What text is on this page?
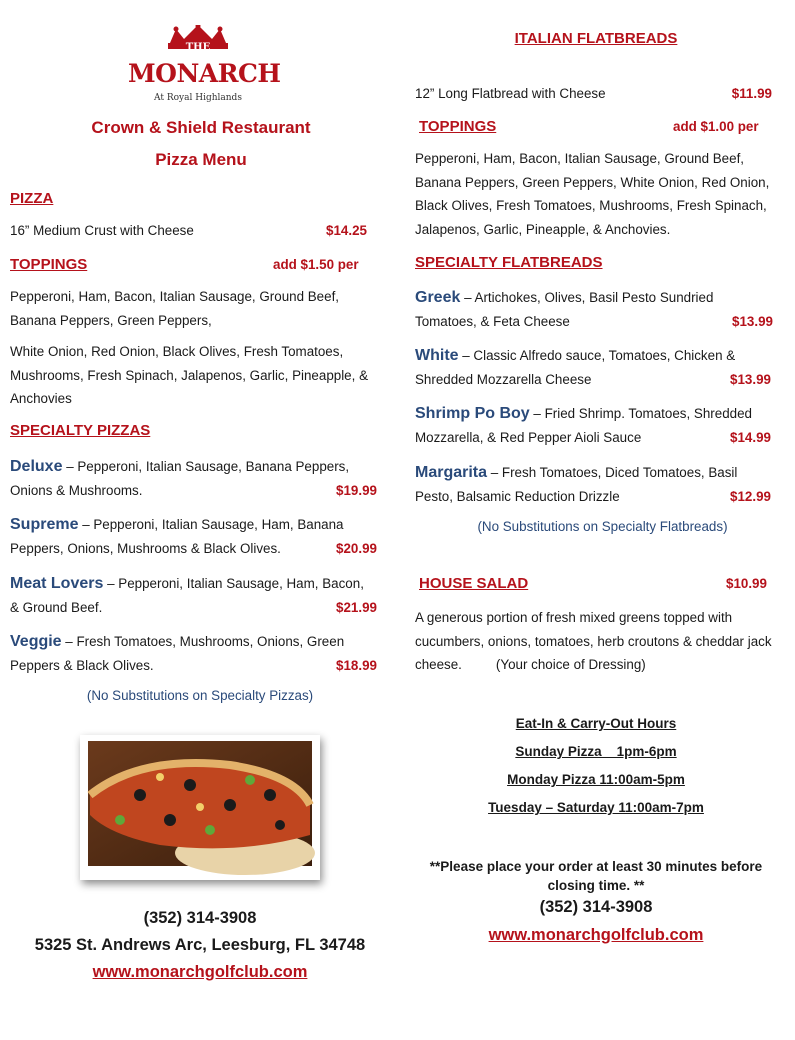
THE
MONARCH
At Royal Highlands
Crown & Shield Restaurant
Pizza Menu
PIZZA
16” Medium Crust with Cheese	$14.25
TOPPINGS	add $1.50 per
Pepperoni, Ham, Bacon, Italian Sausage, Ground Beef, Banana Peppers, Green Peppers,
White Onion, Red Onion, Black Olives, Fresh Tomatoes, Mushrooms, Fresh Spinach, Jalapenos, Garlic, Pineapple, & Anchovies
SPECIALTY PIZZAS
Deluxe – Pepperoni, Italian Sausage, Banana Peppers,
Onions & Mushrooms.	$19.99
Supreme – Pepperoni, Italian Sausage, Ham, Banana
Peppers, Onions, Mushrooms & Black Olives.	$20.99
Meat Lovers – Pepperoni, Italian Sausage, Ham, Bacon,
& Ground Beef.	$21.99
Veggie – Fresh Tomatoes, Mushrooms, Onions, Green
Peppers & Black Olives.	$18.99
(No Substitutions on Specialty Pizzas)
(352) 314-3908
5325 St. Andrews Arc, Leesburg, FL 34748
www.monarchgolfclub.com
ITALIAN FLATBREADS
12” Long Flatbread with Cheese	$11.99
TOPPINGS	add $1.00 per
Pepperoni, Ham, Bacon, Italian Sausage, Ground Beef, Banana Peppers, Green Peppers, White Onion, Red Onion, Black Olives, Fresh Tomatoes, Mushrooms, Fresh Spinach, Jalapenos, Garlic, Pineapple, & Anchovies.
SPECIALTY FLATBREADS
Greek – Artichokes, Olives, Basil Pesto Sundried
Tomatoes, & Feta Cheese	$13.99
White – Classic Alfredo sauce, Tomatoes, Chicken &
Shredded Mozzarella Cheese	$13.99
Shrimp Po Boy – Fried Shrimp. Tomatoes, Shredded
Mozzarella, & Red Pepper Aioli Sauce	$14.99
Margarita – Fresh Tomatoes, Diced Tomatoes, Basil
Pesto, Balsamic Reduction Drizzle	$12.99
(No Substitutions on Specialty Flatbreads)
HOUSE SALAD	$10.99
A generous portion of fresh mixed greens topped with cucumbers, onions, tomatoes, herb croutons & cheddar jack cheese.	(Your choice of Dressing)
Eat-In & Carry-Out Hours
Sunday Pizza    1pm-6pm
Monday Pizza 11:00am-5pm
Tuesday – Saturday 11:00am-7pm
**Please place your order at least 30 minutes before closing time. **
(352) 314-3908
www.monarchgolfclub.com
